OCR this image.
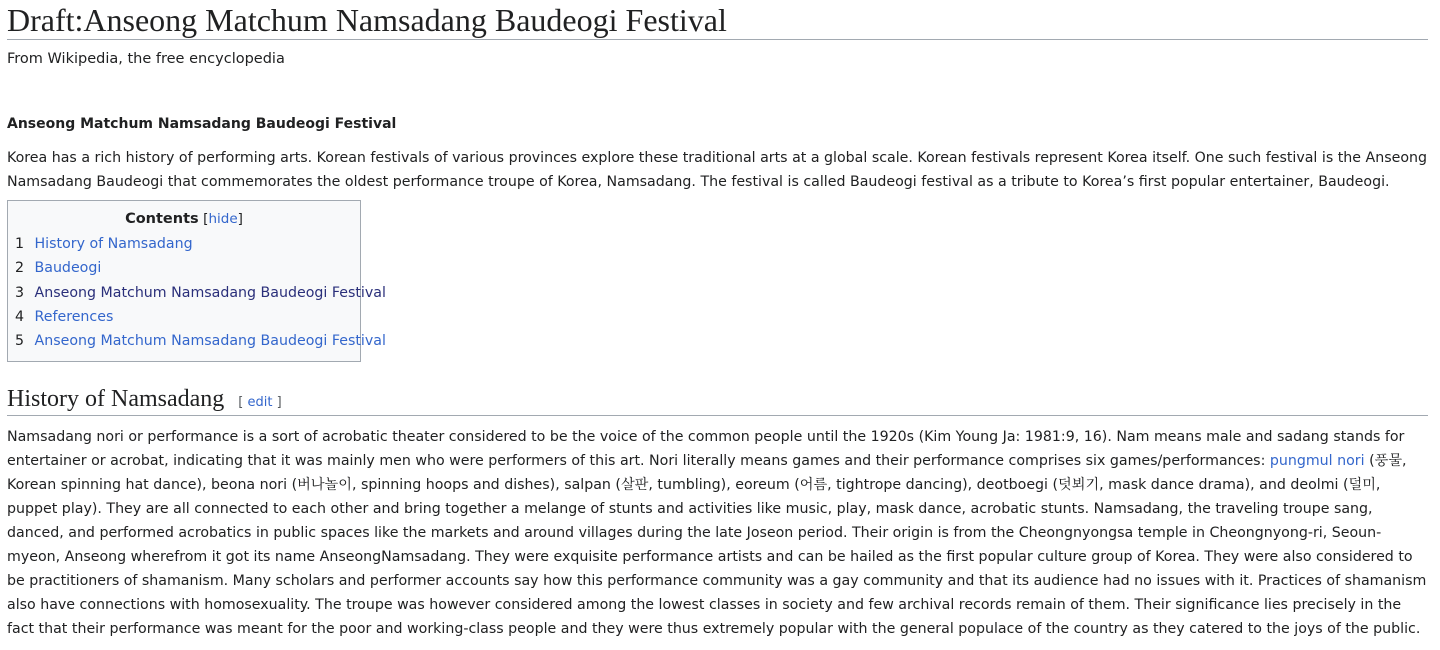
Draft:Anseong Matchum Namsadang Baudeogi Festival
From Wikipedia, the free encyclopedia
Anseong Matchum Namsadang Baudeogi Festival

Korea has a rich history of performing arts. Korean festivals of various provinces explore these traditional arts at a global scale. Korean festivals represent Korea itself. One such festival is the Anseong Namsadang Baudeogi that commemorates the oldest performance troupe of Korea, Namsadang. The festival is called Baudeogi festival as a tribute to Korea’s first popular entertainer, Baudeogi.

Contents [hide]
1 History of Namsadang
2 Baudeogi
3 Anseong Matchum Namsadang Baudeogi Festival
4 References
5 Anseong Matchum Namsadang Baudeogi Festival
History of Namsadang [ edit ]

Namsadang nori or performance is a sort of acrobatic theater considered to be the voice of the common people until the 1920s (Kim Young Ja: 1981:9, 16). Nam means male and sadang stands for entertainer or acrobat, indicating that it was mainly men who were performers of this art. Nori literally means games and their performance comprises six games/performances: pungmul nori (풍물, Korean spinning hat dance), beona nori (버나놀이, spinning hoops and dishes), salpan (살판, tumbling), eoreum (어름, tightrope dancing), deotboegi (덧뵈기, mask dance drama), and deolmi (덜미, puppet play). They are all connected to each other and bring together a melange of stunts and activities like music, play, mask dance, acrobatic stunts. Namsadang, the traveling troupe sang, danced, and performed acrobatics in public spaces like the markets and around villages during the late Joseon period. Their origin is from the Cheongnyongsa temple in Cheongnyong-ri, Seoun-myeon, Anseong wherefrom it got its name AnseongNamsadang. They were exquisite performance artists and can be hailed as the first popular culture group of Korea. They were also considered to be practitioners of shamanism. Many scholars and performer accounts say how this performance community was a gay community and that its audience had no issues with it. Practices of shamanism also have connections with homosexuality. The troupe was however considered among the lowest classes in society and few archival records remain of them. Their significance lies precisely in the fact that their performance was meant for the poor and working-class people and they were thus extremely popular with the general populace of the country as they catered to the joys of the public.
